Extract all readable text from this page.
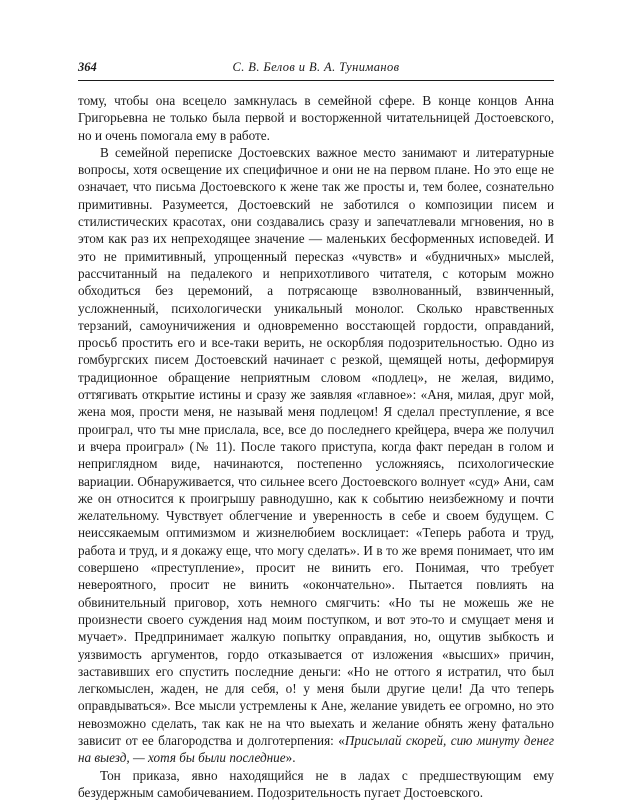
364	С. В. Белов и В. А. Туниманов

тому, чтобы она всецело замкнулась в семейной сфере. В конце концов Анна Григорьевна не только была первой и восторженной читательницей Достоевского, но и очень помогала ему в работе.

В семейной переписке Достоевских важное место занимают и литературные вопросы, хотя освещение их специфичное и они не на первом плане. Но это еще не означает, что письма Достоевского к жене так же просты и, тем более, сознательно примитивны. Разумеется, Достоевский не заботился о композиции писем и стилистических красотах, они создавались сразу и запечатлевали мгновения, но в этом как раз их непреходящее значение — маленьких бесформенных исповедей. И это не примитивный, упрощенный пересказ «чувств» и «будничных» мыслей, рассчитанный на педалекого и неприхотливого читателя, с которым можно обходиться без церемоний, а потрясающе взволнованный, взвинченный, усложненный, психологически уникальный монолог. Сколько нравственных терзаний, самоуничижения и одновременно восстающей гордости, оправданий, просьб простить его и все-таки верить, не оскорбляя подозрительностью. Одно из гомбургских писем Достоевский начинает с резкой, щемящей ноты, деформируя традиционное обращение неприятным словом «подлец», не желая, видимо, оттягивать открытие истины и сразу же заявляя «главное»: «Аня, милая, друг мой, жена моя, прости меня, не называй меня подлецом! Я сделал преступление, я все проиграл, что ты мне прислала, все, все до последнего крейцера, вчера же получил и вчера проиграл» (№ 11). После такого приступа, когда факт передан в голом и неприглядном виде, начинаются, постепенно усложняясь, психологические вариации. Обнаруживается, что сильнее всего Достоевского волнует «суд» Ани, сам же он относится к проигрышу равнодушно, как к событию неизбежному и почти желательному. Чувствует облегчение и уверенность в себе и своем будущем. С неиссякаемым оптимизмом и жизнелюбием восклицает: «Теперь работа и труд, работа и труд, и я докажу еще, что могу сделать». И в то же время понимает, что им совершено «преступление», просит не винить его. Понимая, что требует невероятного, просит не винить «окончательно». Пытается повлиять на обвинительный приговор, хоть немного смягчить: «Но ты не можешь же не произнести своего суждения над моим поступком, и вот это-то и смущает меня и мучает». Предпринимает жалкую попытку оправдания, но, ощутив зыбкость и уязвимость аргументов, гордо отказывается от изложения «высших» причин, заставивших его спустить последние деньги: «Но не оттого я истратил, что был легкомыслен, жаден, не для себя, о! у меня были другие цели! Да что теперь оправдываться». Все мысли устремлены к Ане, желание увидеть ее огромно, но это невозможно сделать, так как не на что выехать и желание обнять жену фатально зависит от ее благородства и долготерпения: «Присылай скорей, сию минуту денег на выезд, — хотя бы были последние».

Тон приказа, явно находящийся не в ладах с предшествующим ему безудержным самобичеванием. Подозрительность пугает Достоевского.
